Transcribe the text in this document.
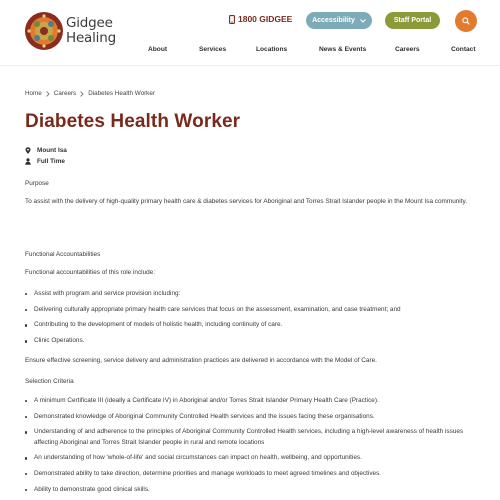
Gidgee
Healing
1800 GIDGEE	Accessibility	Staff Portal
About	Services	Locations	News & Events	Careers	Contact
Home Careers Diabetes Health Worker
Diabetes Health Worker
Mount Isa
Full Time

Purpose

To assist with the delivery of high-quality primary health care & diabetes services for Aboriginal and Torres Strait Islander people in the Mount Isa community.

Functional Accountabilities

Functional accountabilities of this role include:

Assist with program and service provision including:
Delivering culturally appropriate primary health care services that focus on the assessment, examination, and case treatment; and
Contributing to the development of models of holistic health, including continuity of care.
Clinic Operations.

Ensure effective screening, service delivery and administration practices are delivered in accordance with the Model of Care.

Selection Criteria

A minimum Certificate III (ideally a Certificate IV) in Aboriginal and/or Torres Strait Islander Primary Health Care (Practice).
Demonstrated knowledge of Aboriginal Community Controlled Health services and the issues facing these organisations.
Understanding of and adherence to the principles of Aboriginal Community Controlled Health services, including a high-level awareness of health issues affecting Aboriginal and Torres Strait Islander people in rural and remote locations
An understanding of how 'whole-of-life' and social circumstances can impact on health, wellbeing, and opportunities.
Demonstrated ability to take direction, determine priorities and manage workloads to meet agreed timelines and objectives.
Ability to demonstrate good clinical skills.
